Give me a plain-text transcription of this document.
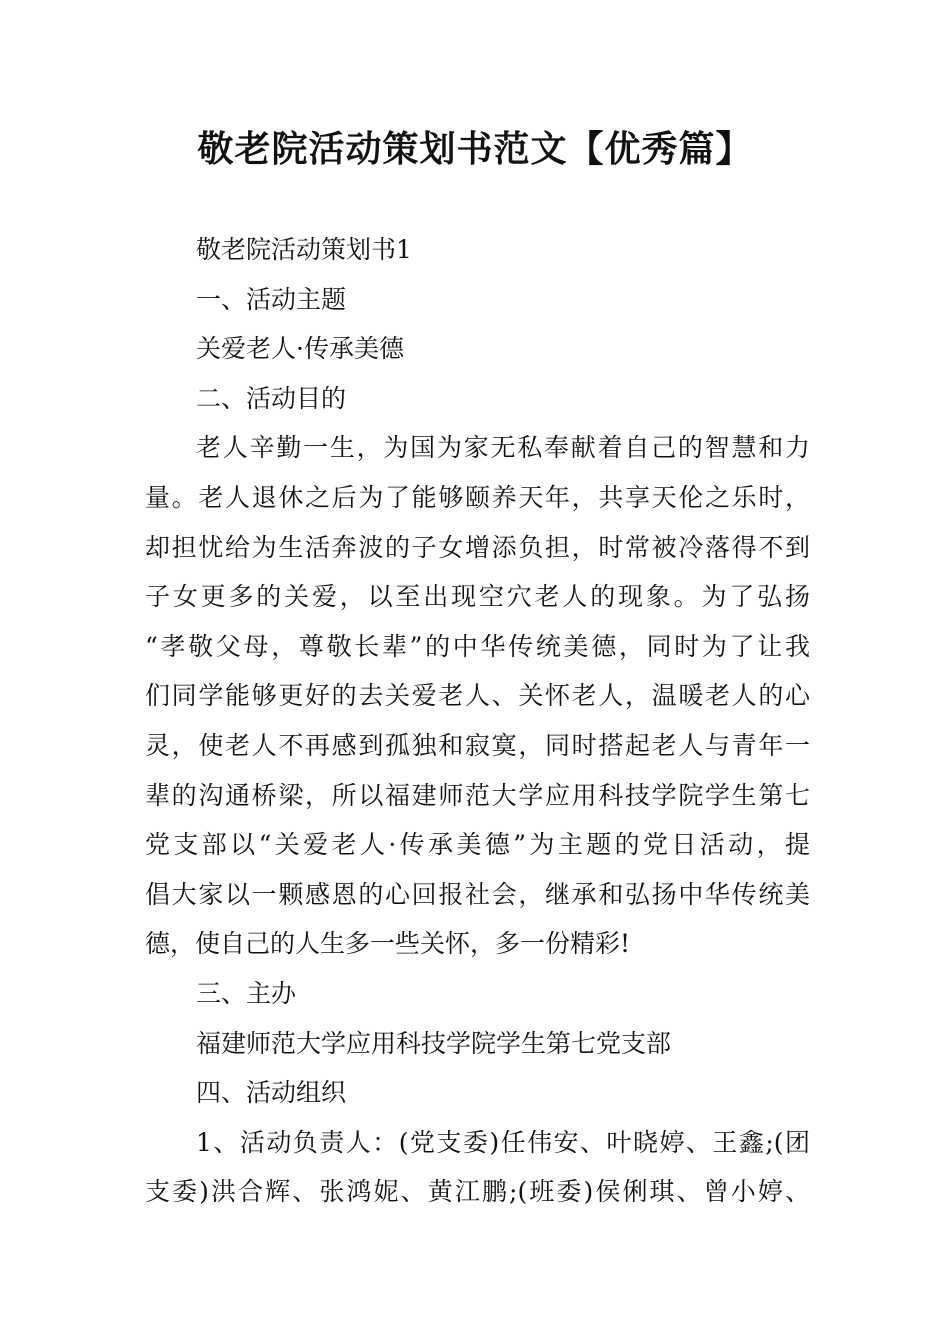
敬老院活动策划书范文【优秀篇】

敬老院活动策划书1

一、活动主题

关爱老人·传承美德

二、活动目的

老人辛勤一生，为国为家无私奉献着自己的智慧和力

量。老人退休之后为了能够颐养天年，共享天伦之乐时，

却担忧给为生活奔波的子女增添负担，时常被冷落得不到

子女更多的关爱，以至出现空穴老人的现象。为了弘扬

“孝敬父母，尊敬长辈”的中华传统美德，同时为了让我

们同学能够更好的去关爱老人、关怀老人，温暖老人的心

灵，使老人不再感到孤独和寂寞，同时搭起老人与青年一

辈的沟通桥梁，所以福建师范大学应用科技学院学生第七

党支部以“关爱老人·传承美德”为主题的党日活动，提

倡大家以一颗感恩的心回报社会，继承和弘扬中华传统美

德，使自己的人生多一些关怀，多一份精彩!

三、主办

福建师范大学应用科技学院学生第七党支部

四、活动组织

1、活动负责人：(党支委)任伟安、叶晓婷、王鑫;(团

支委)洪合辉、张鸿妮、黄江鹏;(班委)侯俐琪、曾小婷、
